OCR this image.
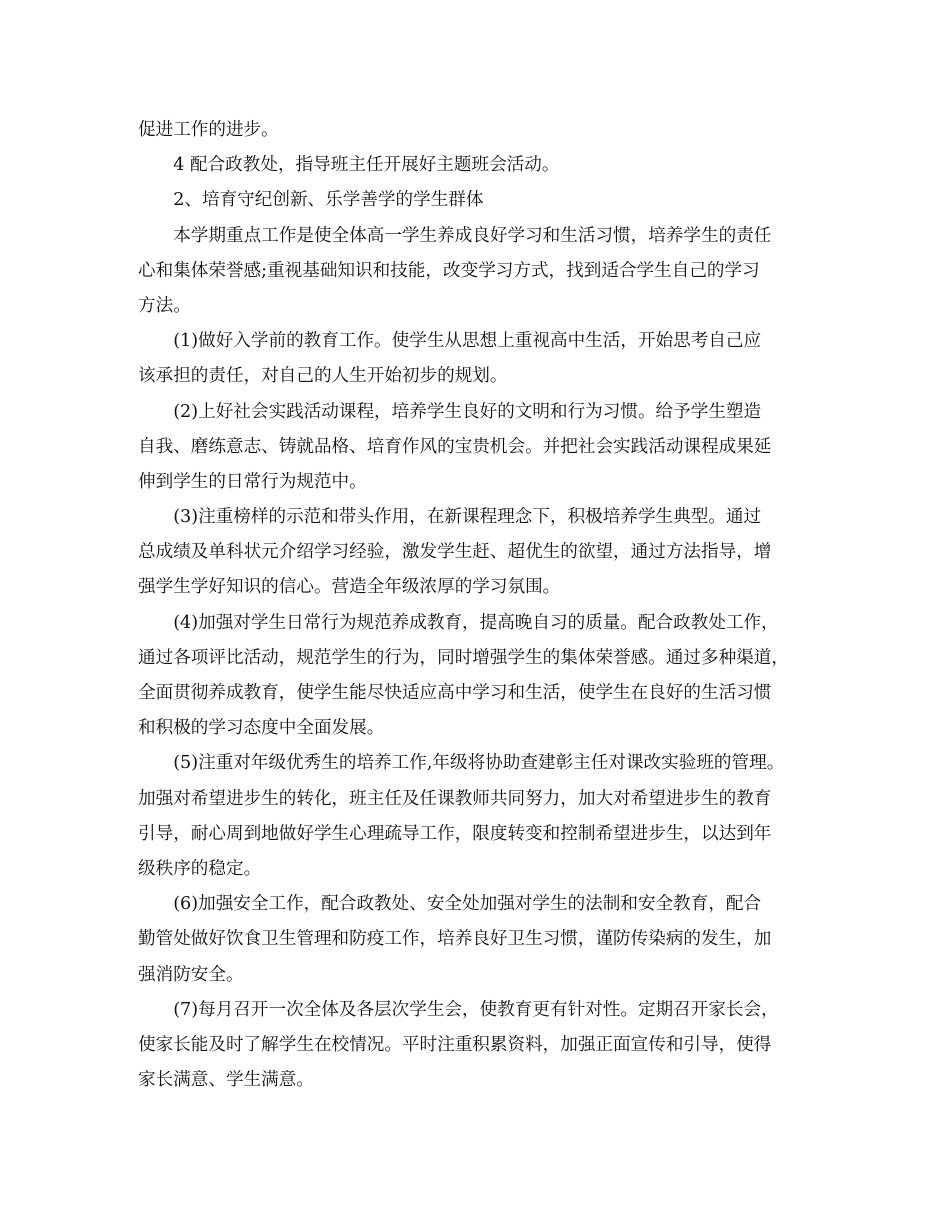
促进工作的进步。
　　4 配合政教处，指导班主任开展好主题班会活动。
　　2、培育守纪创新、乐学善学的学生群体
　　本学期重点工作是使全体高一学生养成良好学习和生活习惯，培养学生的责任
心和集体荣誉感;重视基础知识和技能，改变学习方式，找到适合学生自己的学习
方法。
　　(1)做好入学前的教育工作。使学生从思想上重视高中生活，开始思考自己应
该承担的责任，对自己的人生开始初步的规划。
　　(2)上好社会实践活动课程，培养学生良好的文明和行为习惯。给予学生塑造
自我、磨练意志、铸就品格、培育作风的宝贵机会。并把社会实践活动课程成果延
伸到学生的日常行为规范中。
　　(3)注重榜样的示范和带头作用，在新课程理念下，积极培养学生典型。通过
总成绩及单科状元介绍学习经验，激发学生赶、超优生的欲望，通过方法指导，增
强学生学好知识的信心。营造全年级浓厚的学习氛围。
　　(4)加强对学生日常行为规范养成教育，提高晚自习的质量。配合政教处工作，
通过各项评比活动，规范学生的行为，同时增强学生的集体荣誉感。通过多种渠道，
全面贯彻养成教育，使学生能尽快适应高中学习和生活，使学生在良好的生活习惯
和积极的学习态度中全面发展。
　　(5)注重对年级优秀生的培养工作,年级将协助查建彰主任对课改实验班的管理。
加强对希望进步生的转化，班主任及任课教师共同努力，加大对希望进步生的教育
引导，耐心周到地做好学生心理疏导工作，限度转变和控制希望进步生，以达到年
级秩序的稳定。
　　(6)加强安全工作，配合政教处、安全处加强对学生的法制和安全教育，配合
勤管处做好饮食卫生管理和防疫工作，培养良好卫生习惯，谨防传染病的发生，加
强消防安全。
　　(7)每月召开一次全体及各层次学生会，使教育更有针对性。定期召开家长会，
使家长能及时了解学生在校情况。平时注重积累资料，加强正面宣传和引导，使得
家长满意、学生满意。
